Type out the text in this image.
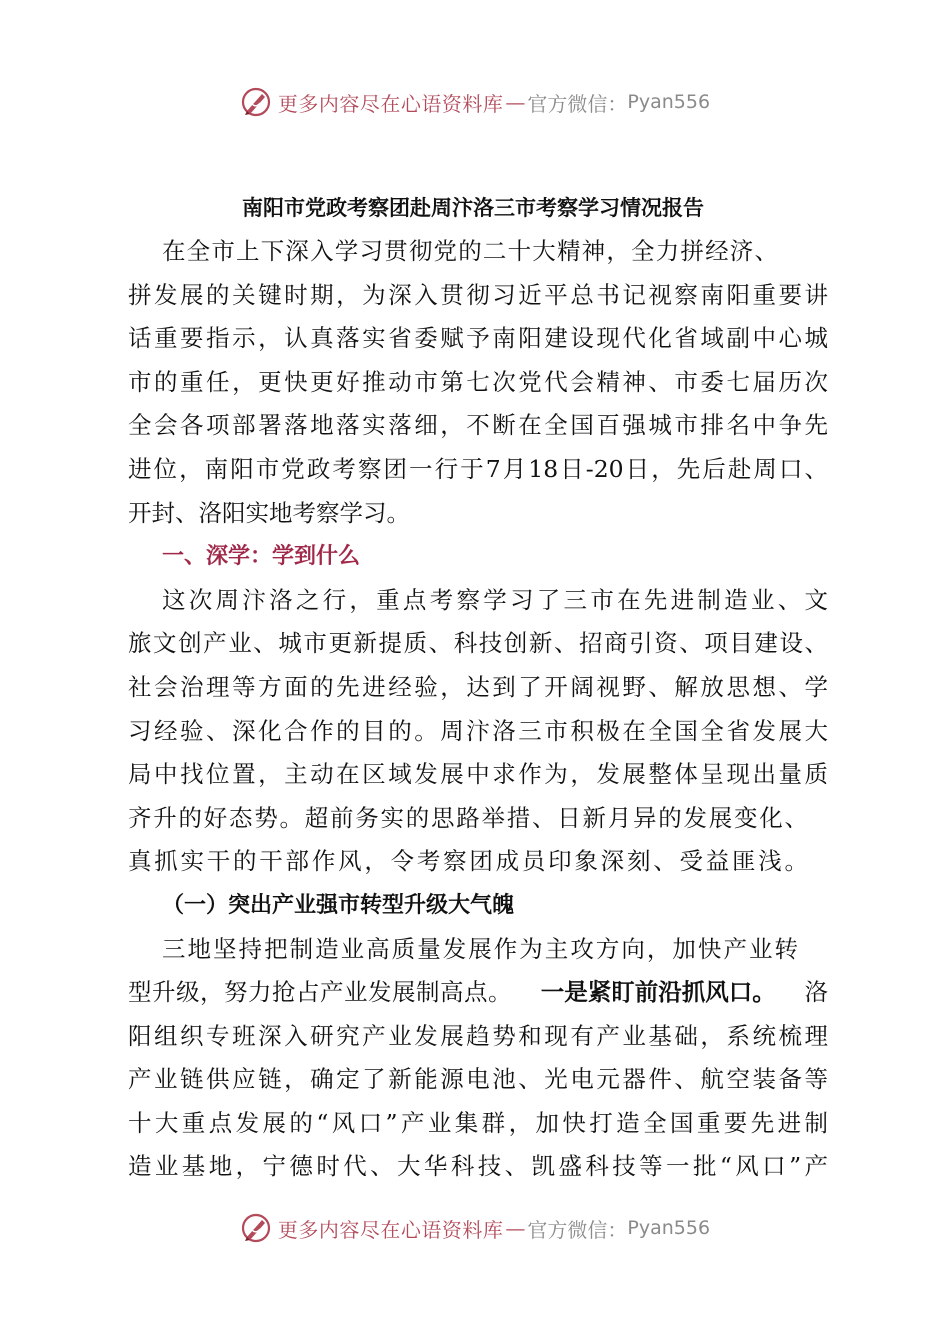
更多内容尽在心语资料库 — 官方微信： Pyan556
南阳市党政考察团赴周汴洛三市考察学习情况报告
在全市上下深入学习贯彻党的二十大精神，全力拼经济、
拼发展的关键时期，为深入贯彻习近平总书记视察南阳重要讲
话重要指示，认真落实省委赋予南阳建设现代化省域副中心城
市的重任，更快更好推动市第七次党代会精神、市委七届历次
全会各项部署落地落实落细，不断在全国百强城市排名中争先
进位，南阳市党政考察团一行于7月18日-20日，先后赴周口、
开封、洛阳实地考察学习。
一、深学：学到什么
这次周汴洛之行，重点考察学习了三市在先进制造业、文
旅文创产业、城市更新提质、科技创新、招商引资、项目建设、
社会治理等方面的先进经验，达到了开阔视野、解放思想、学
习经验、深化合作的目的。周汴洛三市积极在全国全省发展大
局中找位置，主动在区域发展中求作为，发展整体呈现出量质
齐升的好态势。超前务实的思路举措、日新月异的发展变化、
真抓实干的干部作风，令考察团成员印象深刻、受益匪浅。
（一）突出产业强市转型升级大气魄
三地坚持把制造业高质量发展作为主攻方向，加快产业转
型升级，努力抢占产业发展制高点。 一是紧盯前沿抓风口。 洛
阳组织专班深入研究产业发展趋势和现有产业基础，系统梳理
产业链供应链，确定了新能源电池、光电元器件、航空装备等
十大重点发展的“风口”产业集群，加快打造全国重要先进制
造业基地，宁德时代、大华科技、凯盛科技等一批“风口”产
更多内容尽在心语资料库 — 官方微信： Pyan556
